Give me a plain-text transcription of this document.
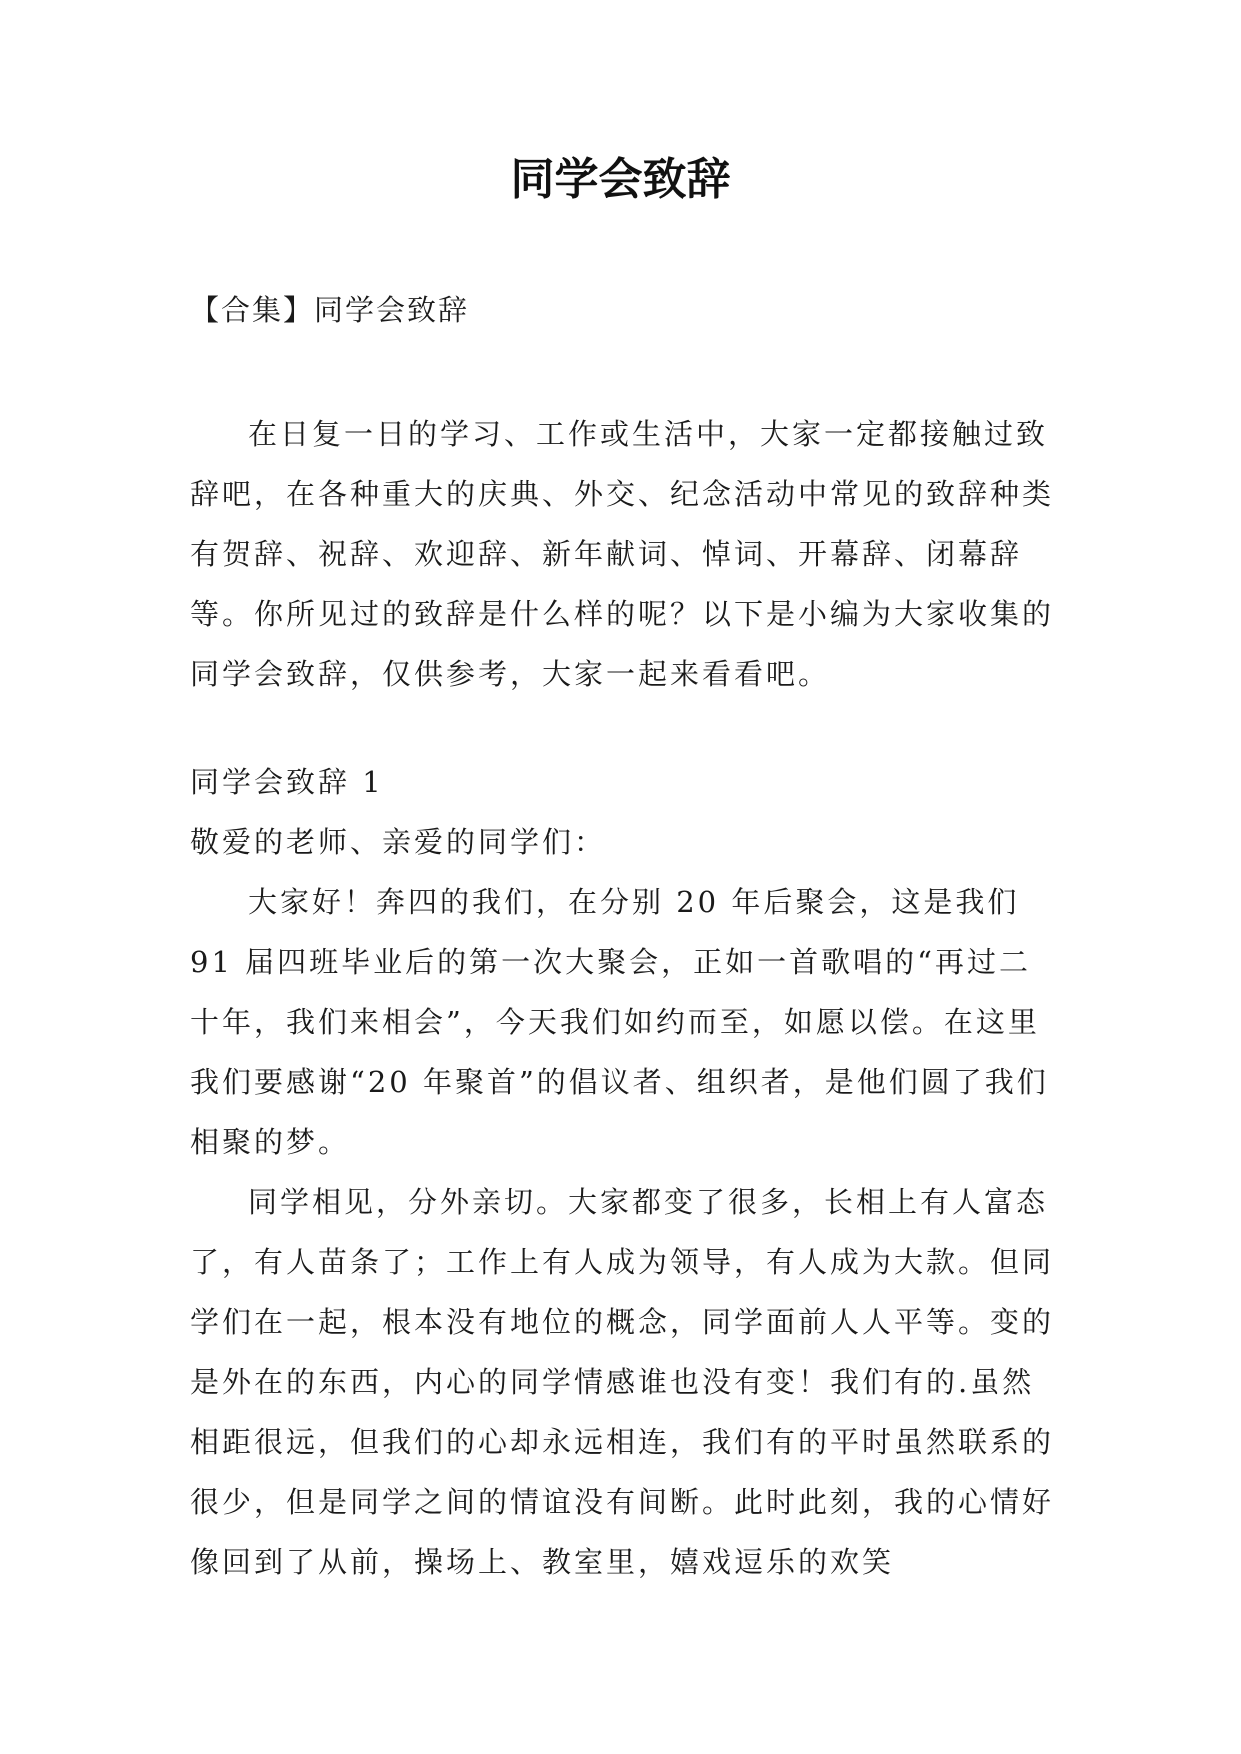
同学会致辞
【合集】同学会致辞

在日复一日的学习、工作或生活中，大家一定都接触过致辞吧，在各种重大的庆典、外交、纪念活动中常见的致辞种类有贺辞、祝辞、欢迎辞、新年献词、悼词、开幕辞、闭幕辞等。你所见过的致辞是什么样的呢？以下是小编为大家收集的同学会致辞，仅供参考，大家一起来看看吧。

同学会致辞 1

敬爱的老师、亲爱的同学们：

大家好！奔四的我们，在分别 20 年后聚会，这是我们 91 届四班毕业后的第一次大聚会，正如一首歌唱的“再过二十年，我们来相会”，今天我们如约而至，如愿以偿。在这里我们要感谢“20 年聚首”的倡议者、组织者，是他们圆了我们相聚的梦。

同学相见，分外亲切。大家都变了很多，长相上有人富态了，有人苗条了；工作上有人成为领导，有人成为大款。但同学们在一起，根本没有地位的概念，同学面前人人平等。变的是外在的东西，内心的同学情感谁也没有变！我们有的.虽然相距很远，但我们的心却永远相连，我们有的平时虽然联系的很少，但是同学之间的情谊没有间断。此时此刻，我的心情好像回到了从前，操场上、教室里，嬉戏逗乐的欢笑
